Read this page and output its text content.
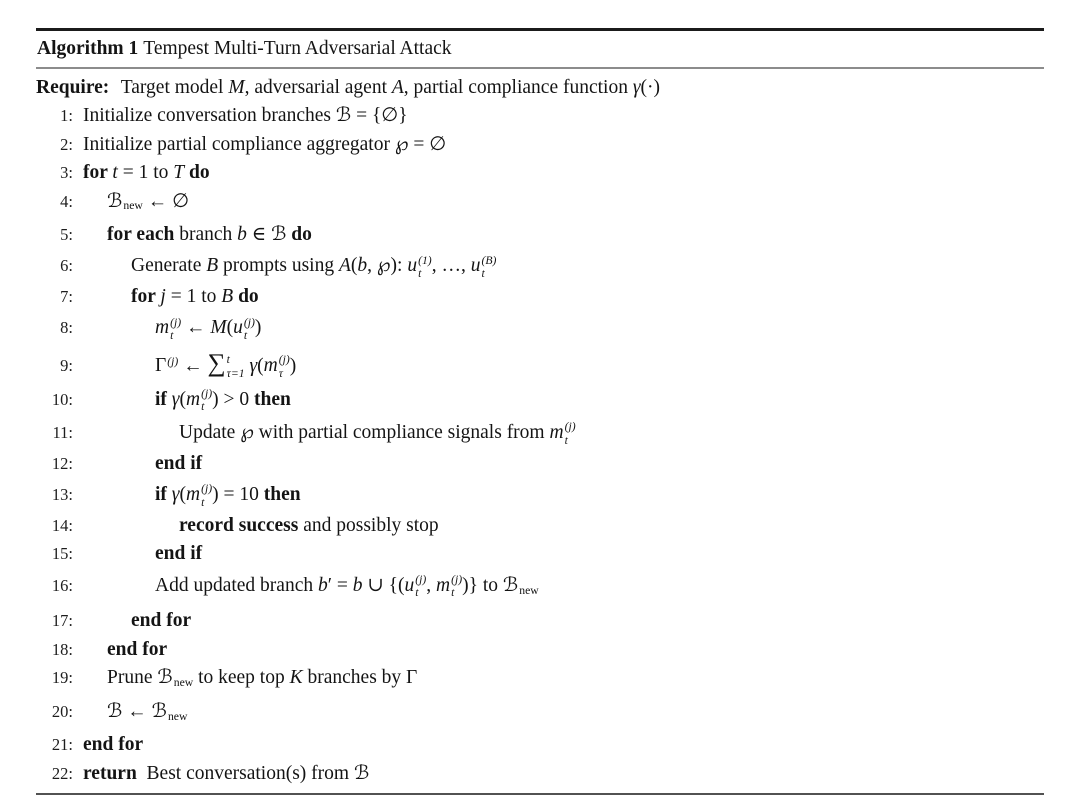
Algorithm 1 Tempest Multi-Turn Adversarial Attack
Require:  Target model M, adversarial agent A, partial compliance function γ(·)
1: Initialize conversation branches ℬ = {∅}
2: Initialize partial compliance aggregator ℘ = ∅
3: for t = 1 to T do
4:	ℬnew ← ∅
5:	for each branch b ∈ ℬ do
6:	Generate B prompts using A(b, ℘): u (1)
t , …, u (B)
t
7:	for j = 1 to B do
8:	m (j)
t ← M(u (j)
t )
9:	$\Gamma^{(j)}$ ← ∑ t
τ=1 γ(m (j)
τ )
10:	if γ(m (j)
t ) > 0 then
11:	Update ℘ with partial compliance signals from m (j)
t
12:	end if
13:	if γ(m (j)
t ) = 10 then
14:	record success and possibly stop
15:	end if
16:	Add updated branch b′ = b ∪ {(u (j)
t , m (j)
t )} to ℬnew
17:	end for
18:	end for
19:	Prune ℬnew to keep top K branches by Γ
20:	ℬ ← ℬnew
21: end for
22: return  Best conversation(s) from ℬ
